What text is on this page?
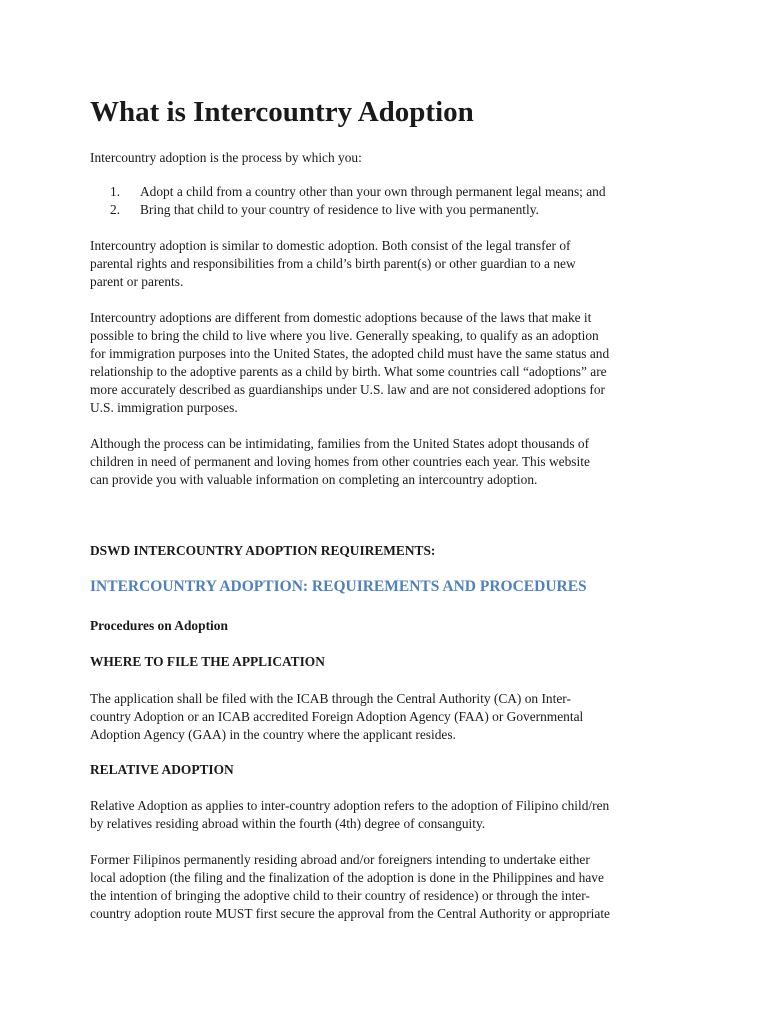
What is Intercountry Adoption

Intercountry adoption is the process by which you:

1. Adopt a child from a country other than your own through permanent legal means; and
2. Bring that child to your country of residence to live with you permanently.

Intercountry adoption is similar to domestic adoption. Both consist of the legal transfer of
parental rights and responsibilities from a child’s birth parent(s) or other guardian to a new
parent or parents.

Intercountry adoptions are different from domestic adoptions because of the laws that make it
possible to bring the child to live where you live. Generally speaking, to qualify as an adoption
for immigration purposes into the United States, the adopted child must have the same status and
relationship to the adoptive parents as a child by birth. What some countries call “adoptions” are
more accurately described as guardianships under U.S. law and are not considered adoptions for
U.S. immigration purposes.

Although the process can be intimidating, families from the United States adopt thousands of
children in need of permanent and loving homes from other countries each year. This website
can provide you with valuable information on completing an intercountry adoption.

DSWD INTERCOUNTRY ADOPTION REQUIREMENTS:
INTERCOUNTRY ADOPTION: REQUIREMENTS AND PROCEDURES
Procedures on Adoption
WHERE TO FILE THE APPLICATION

The application shall be filed with the ICAB through the Central Authority (CA) on Inter-
country Adoption or an ICAB accredited Foreign Adoption Agency (FAA) or Governmental
Adoption Agency (GAA) in the country where the applicant resides.

RELATIVE ADOPTION

Relative Adoption as applies to inter-country adoption refers to the adoption of Filipino child/ren
by relatives residing abroad within the fourth (4th) degree of consanguity.

Former Filipinos permanently residing abroad and/or foreigners intending to undertake either
local adoption (the filing and the finalization of the adoption is done in the Philippines and have
the intention of bringing the adoptive child to their country of residence) or through the inter-
country adoption route MUST first secure the approval from the Central Authority or appropriate
